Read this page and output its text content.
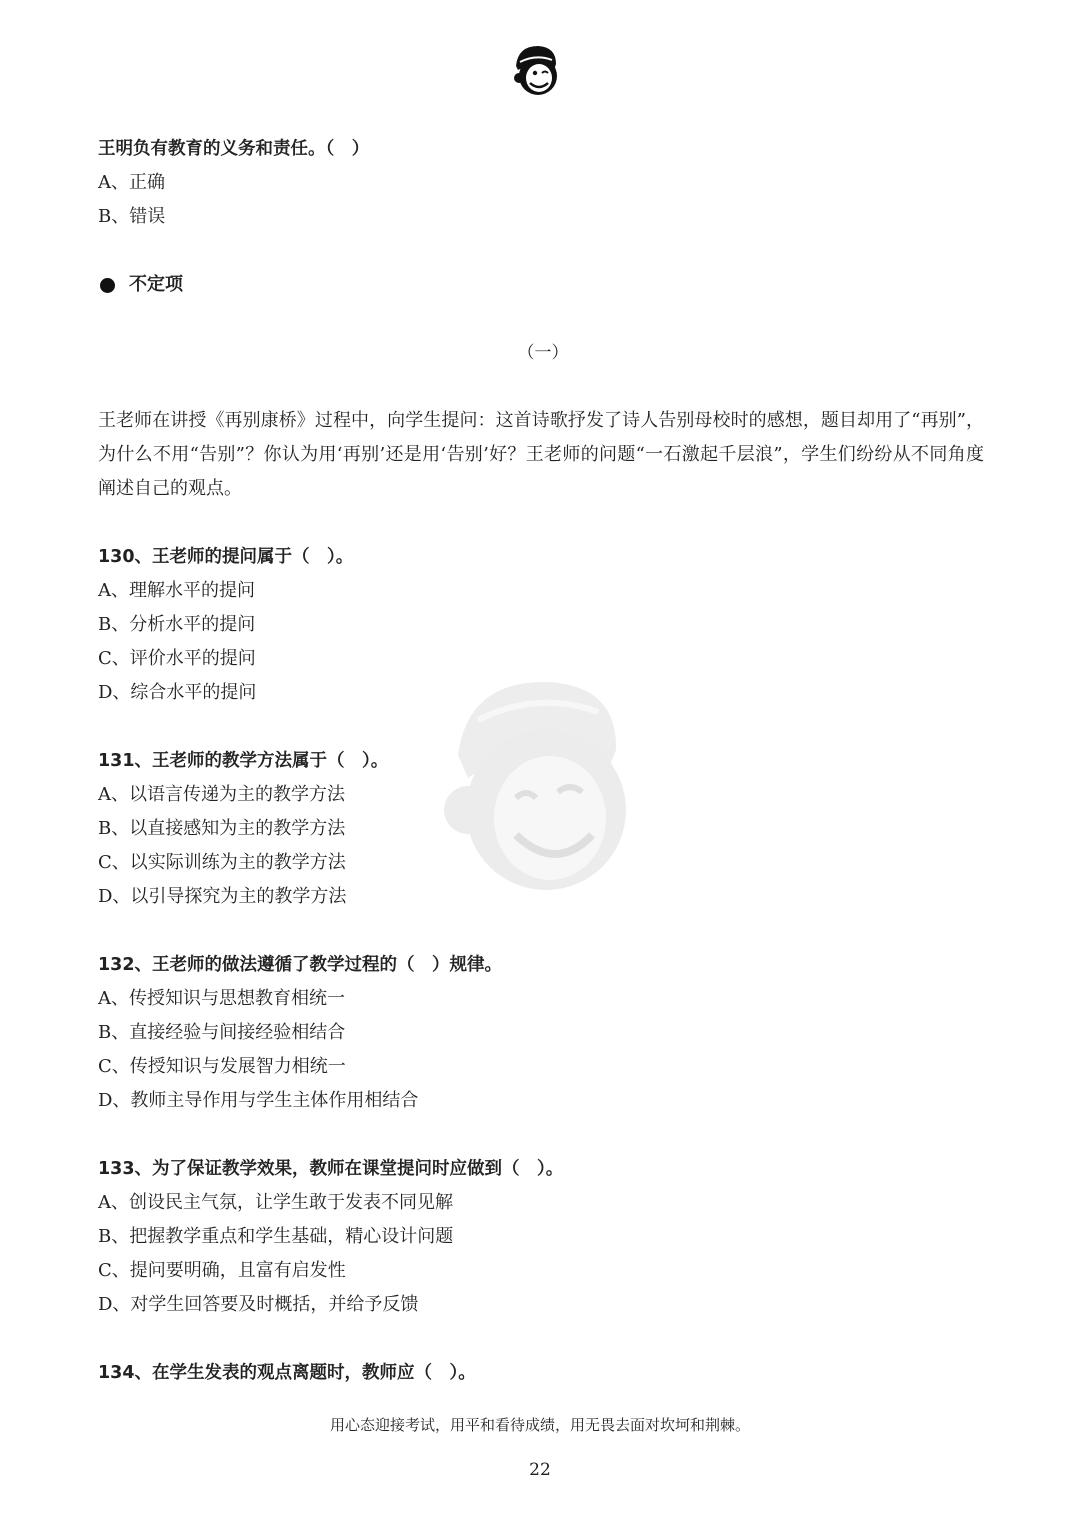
王明负有教育的义务和责任。（　）
A、正确
B、错误
不定项
（一）
王老师在讲授《再别康桥》过程中，向学生提问：这首诗歌抒发了诗人告别母校时的感想，题目却用了“再别”，为什么不用“告别”？你认为用‘再别’还是用‘告别’好？王老师的问题“一石激起千层浪”，学生们纷纷从不同角度阐述自己的观点。
130、王老师的提问属于（　）。
A、理解水平的提问
B、分析水平的提问
C、评价水平的提问
D、综合水平的提问
131、王老师的教学方法属于（　）。
A、以语言传递为主的教学方法
B、以直接感知为主的教学方法
C、以实际训练为主的教学方法
D、以引导探究为主的教学方法
132、王老师的做法遵循了教学过程的（　）规律。
A、传授知识与思想教育相统一
B、直接经验与间接经验相结合
C、传授知识与发展智力相统一
D、教师主导作用与学生主体作用相结合
133、为了保证教学效果，教师在课堂提问时应做到（　）。
A、创设民主气氛，让学生敢于发表不同见解
B、把握教学重点和学生基础，精心设计问题
C、提问要明确，且富有启发性
D、对学生回答要及时概括，并给予反馈
134、在学生发表的观点离题时，教师应（　）。
用心态迎接考试，用平和看待成绩，用无畏去面对坎坷和荆棘。
22
